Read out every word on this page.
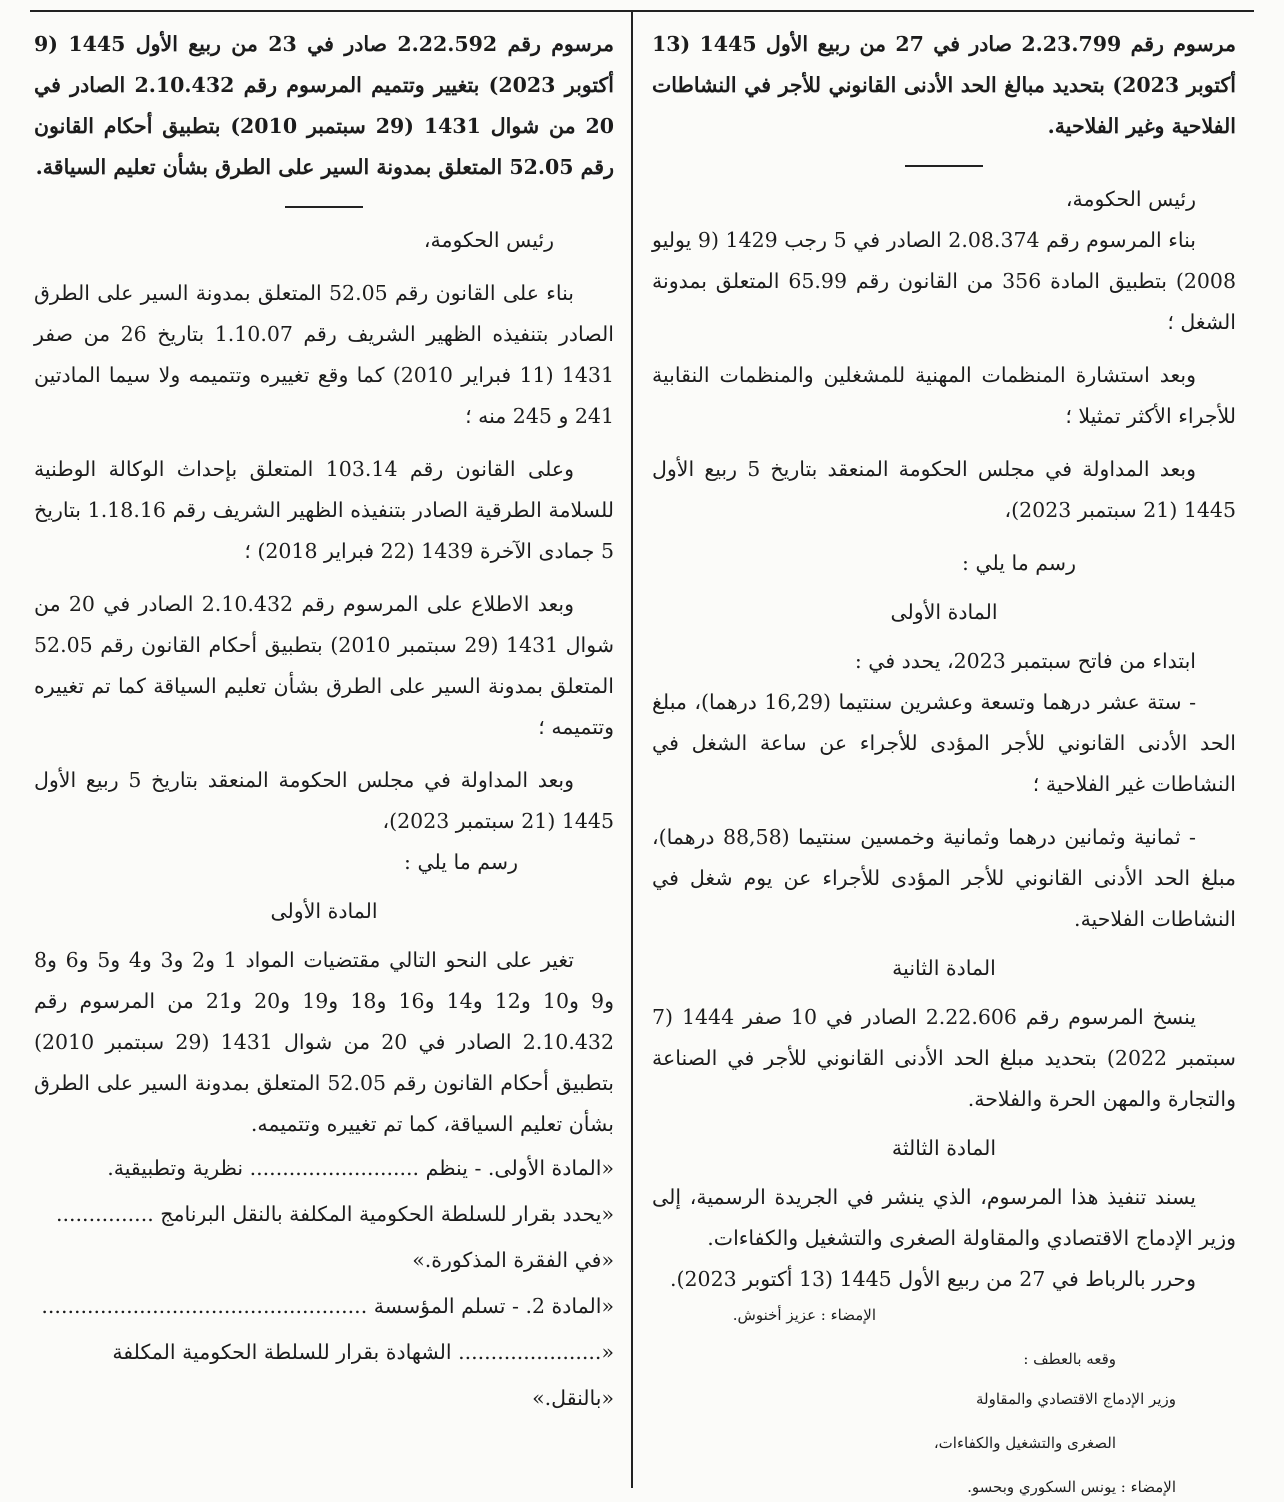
مرسوم رقم 2.23.799 صادر في 27 من ربيع الأول 1445 (13 أكتوبر 2023) بتحديد مبالغ الحد الأدنى القانوني للأجر في النشاطات الفلاحية وغير الفلاحية.

رئيس الحكومة،

بناء المرسوم رقم 2.08.374 الصادر في 5 رجب 1429 (9 يوليو 2008) بتطبيق المادة 356 من القانون رقم 65.99 المتعلق بمدونة الشغل ؛

وبعد استشارة المنظمات المهنية للمشغلين والمنظمات النقابية للأجراء الأكثر تمثيلا ؛

وبعد المداولة في مجلس الحكومة المنعقد بتاريخ 5 ربيع الأول 1445 (21 سبتمبر 2023)،

رسم ما يلي :

المادة الأولى

ابتداء من فاتح سبتمبر 2023، يحدد في :

- ستة عشر درهما وتسعة وعشرين سنتيما (16,29 درهما)، مبلغ الحد الأدنى القانوني للأجر المؤدى للأجراء عن ساعة الشغل في النشاطات غير الفلاحية ؛

- ثمانية وثمانين درهما وثمانية وخمسين سنتيما (88,58 درهما)، مبلغ الحد الأدنى القانوني للأجر المؤدى للأجراء عن يوم شغل في النشاطات الفلاحية.

المادة الثانية

ينسخ المرسوم رقم 2.22.606 الصادر في 10 صفر 1444 (7 سبتمبر 2022) بتحديد مبلغ الحد الأدنى القانوني للأجر في الصناعة والتجارة والمهن الحرة والفلاحة.

المادة الثالثة

يسند تنفيذ هذا المرسوم، الذي ينشر في الجريدة الرسمية، إلى وزير الإدماج الاقتصادي والمقاولة الصغرى والتشغيل والكفاءات.

وحرر بالرباط في 27 من ربيع الأول 1445 (13 أكتوبر 2023).

الإمضاء : عزيز أخنوش.

وقعه بالعطف :

وزير الإدماج الاقتصادي والمقاولة

الصغرى والتشغيل والكفاءات،

الإمضاء : يونس السكوري وبحسو.

مرسوم رقم 2.22.592 صادر في 23 من ربيع الأول 1445 (9 أكتوبر 2023) بتغيير وتتميم المرسوم رقم 2.10.432 الصادر في 20 من شوال 1431 (29 سبتمبر 2010) بتطبيق أحكام القانون رقم 52.05 المتعلق بمدونة السير على الطرق بشأن تعليم السياقة.

رئيس الحكومة،

بناء على القانون رقم 52.05 المتعلق بمدونة السير على الطرق الصادر بتنفيذه الظهير الشريف رقم 1.10.07 بتاريخ 26 من صفر 1431 (11 فبراير 2010) كما وقع تغييره وتتميمه ولا سيما المادتين 241 و 245 منه ؛

وعلى القانون رقم 103.14 المتعلق بإحداث الوكالة الوطنية للسلامة الطرقية الصادر بتنفيذه الظهير الشريف رقم 1.18.16 بتاريخ 5 جمادى الآخرة 1439 (22 فبراير 2018) ؛

وبعد الاطلاع على المرسوم رقم 2.10.432 الصادر في 20 من شوال 1431 (29 سبتمبر 2010) بتطبيق أحكام القانون رقم 52.05 المتعلق بمدونة السير على الطرق بشأن تعليم السياقة كما تم تغييره وتتميمه ؛

وبعد المداولة في مجلس الحكومة المنعقد بتاريخ 5 ربيع الأول 1445 (21 سبتمبر 2023)،

رسم ما يلي :

المادة الأولى

تغير على النحو التالي مقتضيات المواد 1 و2 و3 و4 و5 و6 و8 و9 و10 و12 و14 و16 و18 و19 و20 و21 من المرسوم رقم 2.10.432 الصادر في 20 من شوال 1431 (29 سبتمبر 2010) بتطبيق أحكام القانون رقم 52.05 المتعلق بمدونة السير على الطرق بشأن تعليم السياقة، كما تم تغييره وتتميمه.

«المادة الأولى. - ينظم .......................... نظرية وتطبيقية.

«يحدد بقرار للسلطة الحكومية المكلفة بالنقل البرنامج ...............

«في الفقرة المذكورة.»

«المادة 2. - تسلم المؤسسة ..................................................

«...................... الشهادة بقرار للسلطة الحكومية المكلفة

«بالنقل.»
